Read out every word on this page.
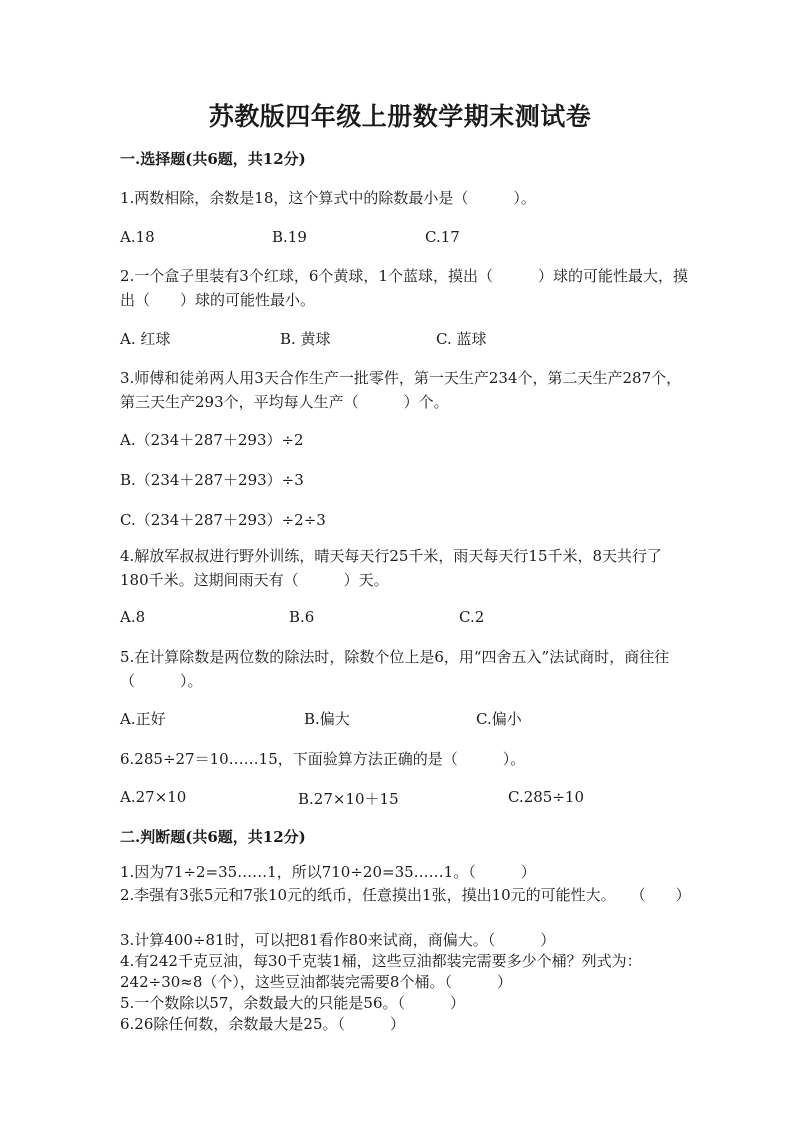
苏教版四年级上册数学期末测试卷
一.选择题(共6题，共12分)
1.两数相除，余数是18，这个算式中的除数最小是（　　　）。
A.18	B.19	C.17
2.一个盒子里装有3个红球，6个黄球，1个蓝球，摸出（　　　）球的可能性最大，摸出（　　）球的可能性最小。
A. 红球	B. 黄球	C. 蓝球
3.师傅和徒弟两人用3天合作生产一批零件，第一天生产234个，第二天生产287个，第三天生产293个，平均每人生产（　　　）个。
A.（234＋287＋293）÷2
B.（234＋287＋293）÷3
C.（234＋287＋293）÷2÷3
4.解放军叔叔进行野外训练，晴天每天行25千米，雨天每天行15千米，8天共行了180千米。这期间雨天有（　　　）天。
A.8	B.6	C.2
5.在计算除数是两位数的除法时，除数个位上是6，用“四舍五入”法试商时，商往往（　　　）。
A.正好	B.偏大	C.偏小
6.285÷27＝10……15，下面验算方法正确的是（　　　）。
A.27×10	B.27×10＋15	C.285÷10
二.判断题(共6题，共12分)
1.因为71÷2=35……1，所以710÷20=35……1。（　　　）
2.李强有3张5元和7张10元的纸币，任意摸出1张，摸出10元的可能性大。　　（　　）
3.计算400÷81时，可以把81看作80来试商，商偏大。（　　　）
4.有242千克豆油，每30千克装1桶，这些豆油都装完需要多少个桶？列式为：242÷30≈8（个），这些豆油都装完需要8个桶。（　　　）
5.一个数除以57，余数最大的只能是56。（　　　）
6.26除任何数，余数最大是25。（　　　）
